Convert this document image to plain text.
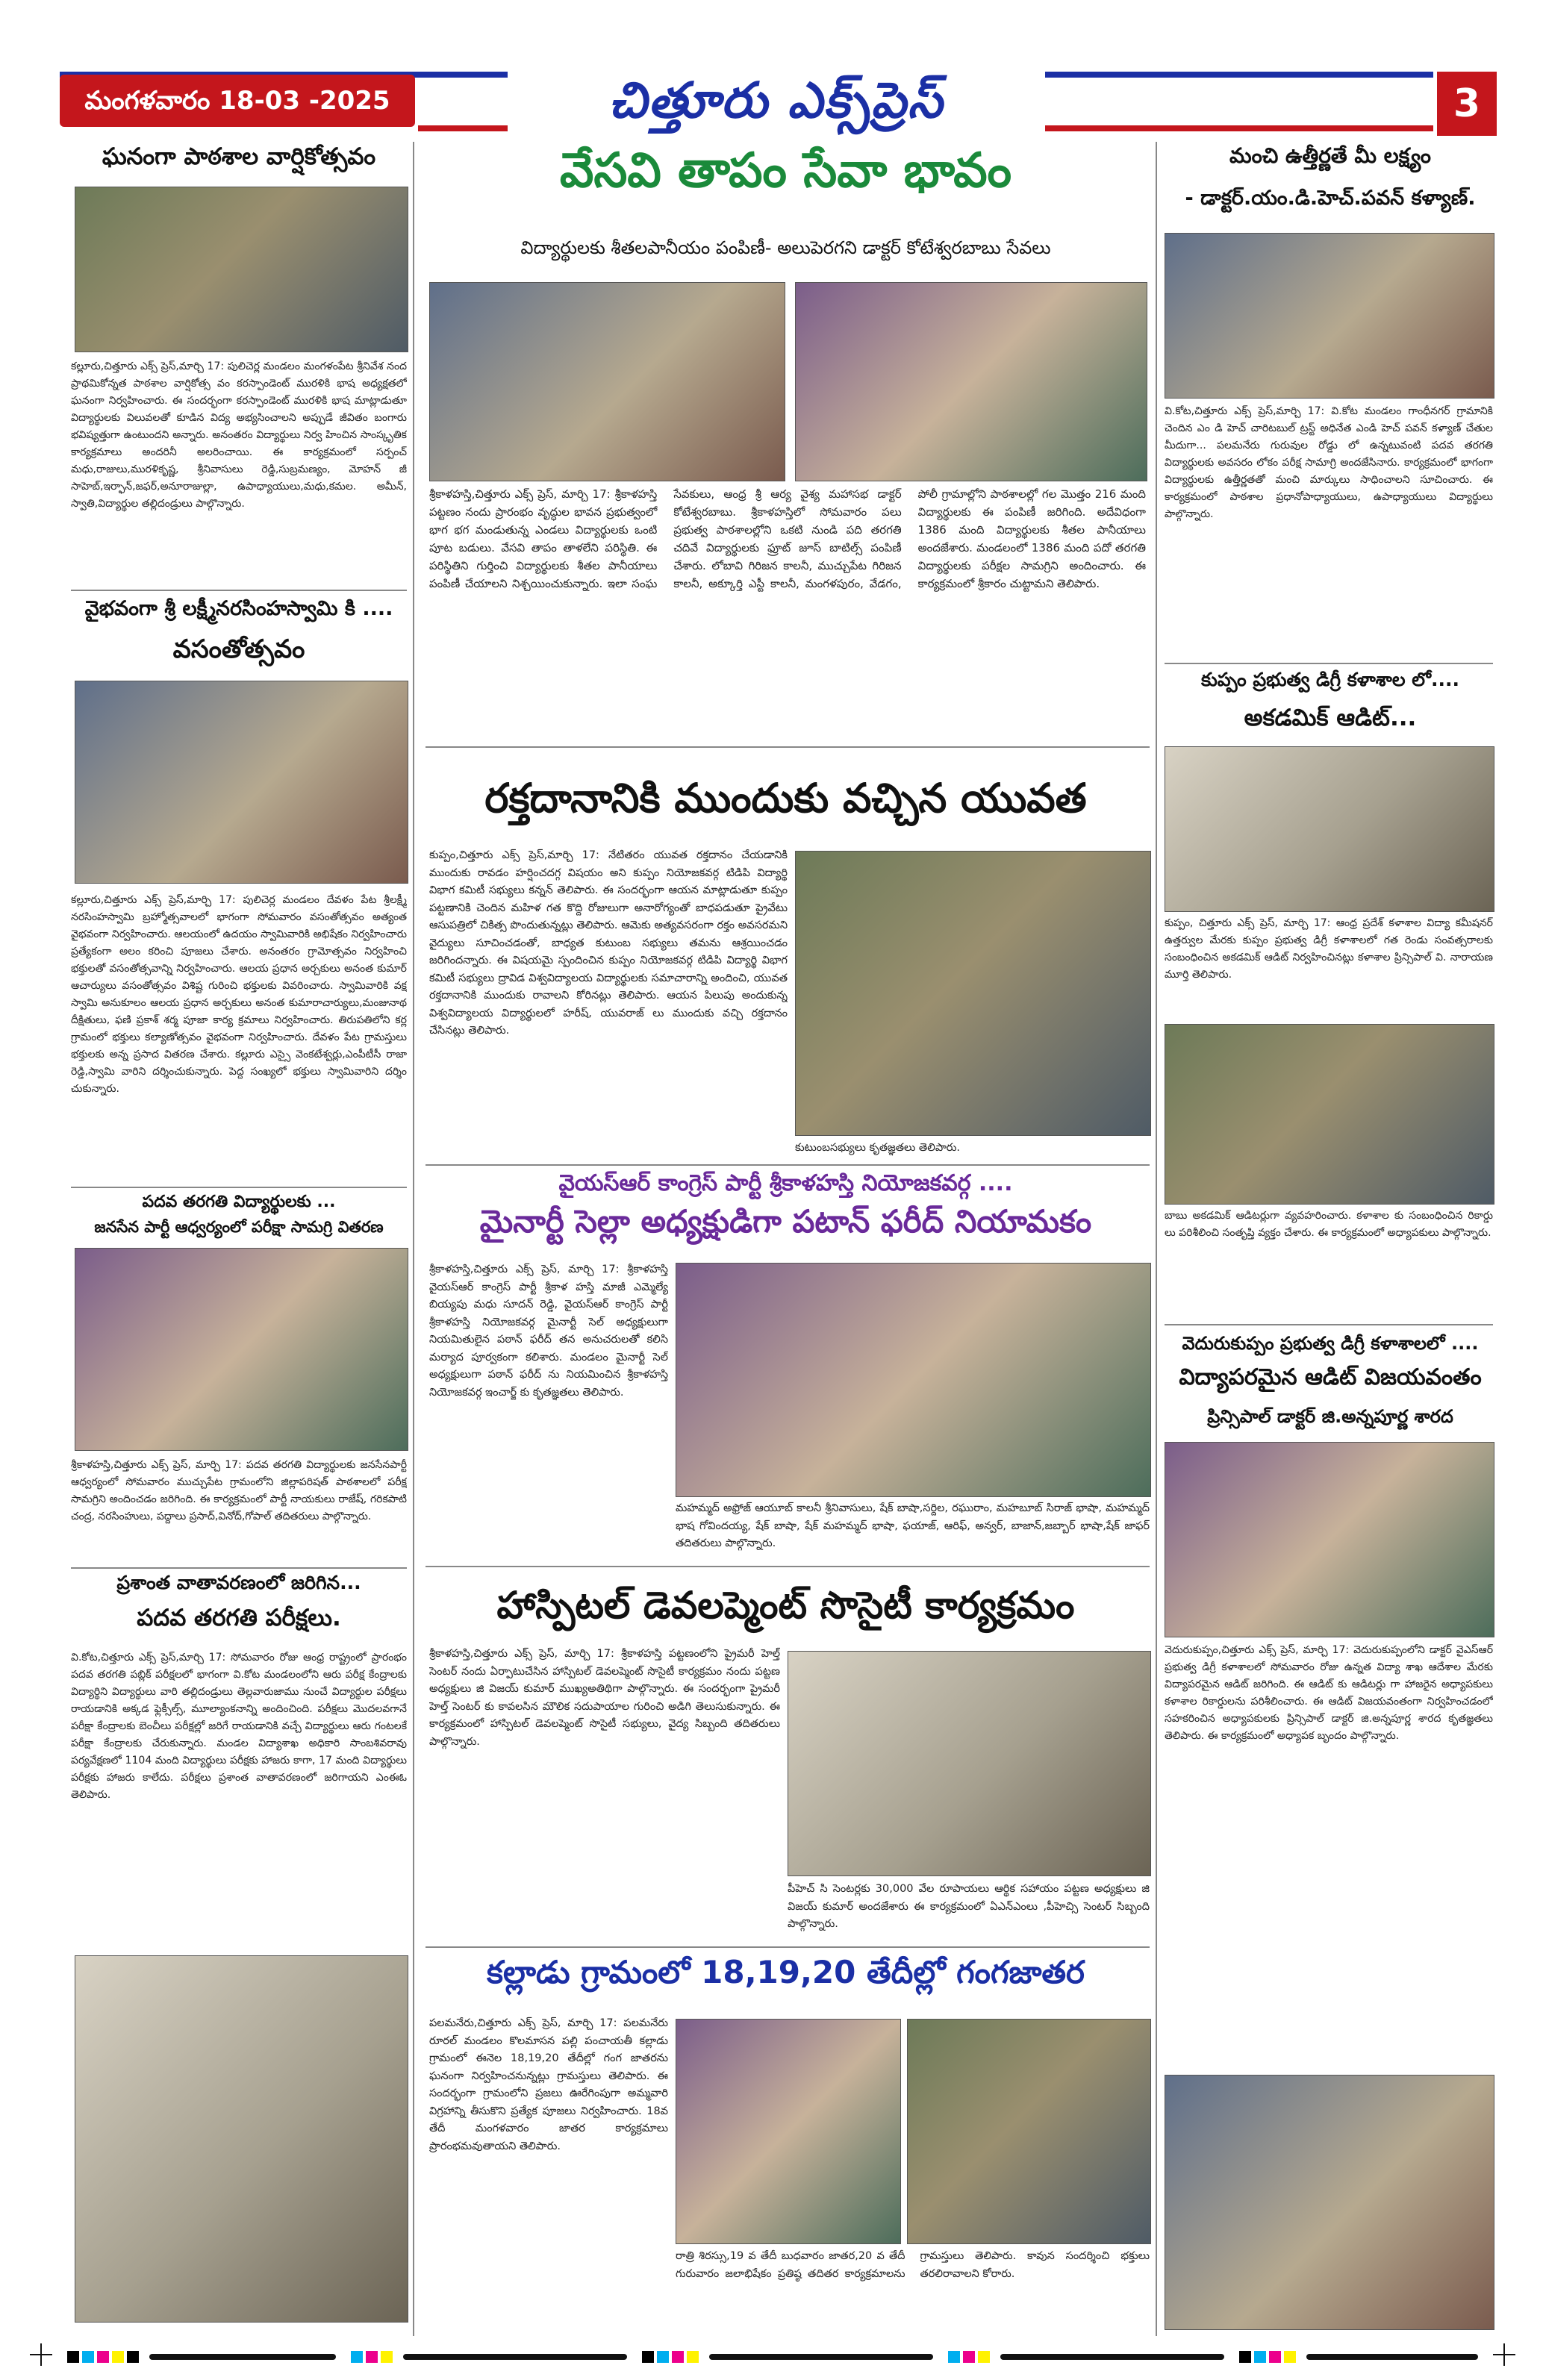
మంగళవారం 18-03 -2025	చిత్తూరు ఎక్స్‌ప్రెస్	3
ఘనంగా పాఠశాల వార్షికోత్సవం
కల్లూరు,చిత్తూరు ఎక్స్ ప్రెస్,మార్చి 17: పులిచెర్ల మండలం మంగళంపేట శ్రీనివేశ నంద ప్రాథమికోన్నత పాఠశాల వార్షికోత్స వం కరస్పాండెంట్ మురళికి భాష అధ్యక్షతలో ఘనంగా నిర్వహించారు. ఈ సందర్భంగా కరస్పాండెంట్ మురళికి భాష మాట్లాడుతూ విద్యార్థులకు విలువలతో కూడిన విద్య అభ్యసించాలని అప్పుడే జీవితం బంగారు భవిష్యత్తుగా ఉంటుందని అన్నారు. అనంతరం విద్యార్థులు నిర్వ హించిన సాంస్కృతిక కార్యక్రమాలు అందరినీ అలరించాయి. ఈ కార్యక్రమంలో సర్పంచ్ మధు,రాజులు,మురళికృష్ణ, శ్రీనివాసులు రెడ్డి,సుబ్రమణ్యం, మోహన్ జీ సాహెబ్,ఇర్ఫాన్,జఫర్,అనూరాజుల్లా, ఉపాధ్యాయులు,మధు,కమల. అమీన్, స్వాతి,విద్యార్థుల తల్లిదండ్రులు పాల్గొన్నారు.
వైభవంగా శ్రీ లక్ష్మీనరసింహస్వామి కి ....
వసంతోత్సవం
కల్లూరు,చిత్తూరు ఎక్స్ ప్రెస్,మార్చి 17: పులిచెర్ల మండలం దేవళం పేట శ్రీలక్ష్మీ నరసింహస్వామి బ్రహ్మోత్సవాలలో భాగంగా సోమవారం వసంతోత్సవం అత్యంత వైభవంగా నిర్వహించారు. ఆలయంలో ఉదయం స్వామివారికి అభిషేకం నిర్వహించారు ప్రత్యేకంగా అలం కరించి పూజలు చేశారు. అనంతరం గ్రామోత్సవం నిర్వహించి భక్తులతో వసంతోత్సవాన్ని నిర్వహించారు. ఆలయ ప్రధాన అర్చకులు అనంత కుమార్ ఆచార్యులు వసంతోత్సవం విశిష్ట గురించి భక్తులకు వివరించారు. స్వామివారికి వక్ష స్వామి అనుకూలం ఆలయ ప్రధాన అర్చకులు అనంత కుమారాచార్యులు,మంజునాథ దీక్షితులు, ఫణి ప్రకాశ్ శర్మ పూజా కార్య క్రమాలు నిర్వహించారు. తిరుపతిలోని కర్ల గ్రామంలో భక్తులు కల్యాణోత్సవం వైభవంగా నిర్వహించారు. దేవళం పేట గ్రామస్తులు భక్తులకు అన్న ప్రసాద వితరణ చేశారు. కల్లూరు ఎస్సై వెంకటేశ్వర్లు,ఎంపీటీసీ రాజా రెడ్డి,స్వామి వారిని దర్శించుకున్నారు. పెద్ద సంఖ్యలో భక్తులు స్వామివారిని దర్శిం చుకున్నారు.
పదవ తరగతి విద్యార్థులకు ...
జనసేన పార్టీ ఆధ్వర్యంలో పరీక్షా సామగ్రి వితరణ
శ్రీకాళహస్తి,చిత్తూరు ఎక్స్ ప్రెస్, మార్చి 17: పదవ తరగతి విద్యార్థులకు జనసేనపార్టీ ఆధ్వర్యంలో సోమవారం ముచ్చుపేట గ్రామంలోని జిల్లాపరిషత్ పాఠశాలలో పరీక్ష సామగ్రిని అందించడం జరిగింది. ఈ కార్యక్రమంలో పార్టీ నాయకులు రాజేష్, గరికపాటి చంద్ర, నరసింహులు, పద్దాలు ప్రసాద్,వినోద్,గోపాల్ తదితరులు పాల్గొన్నారు.
ప్రశాంత వాతావరణంలో జరిగిన...
పదవ తరగతి పరీక్షలు.
వి.కోట,చిత్తూరు ఎక్స్ ప్రెస్,మార్చి 17: సోమవారం రోజు ఆంధ్ర రాష్ట్రంలో ప్రారంభం పదవ తరగతి పబ్లిక్ పరీక్షలలో భాగంగా వి.కోట మండలంలోని ఆరు పరీక్ష కేంద్రాలకు విద్యార్థిని విద్యార్థులు వారి తల్లిదండ్రులు తెల్లవారుజాము నుంచే విద్యార్థుల పరీక్షలు రాయడానికి అక్కడ ఫ్లెక్సీల్స్, మూల్యాంకనాన్ని అందించింది. పరీక్షలు మొదలవగానే పరీక్షా కేంద్రాలకు బెంచీలు పరీక్షల్లో జరిగే రాయడానికి వచ్చే విద్యార్థులు ఆరు గంటలకే పరీక్షా కేంద్రాలకు చేరుకున్నారు. మండల విద్యాశాఖ అధికారి సాంబశివరావు పర్యవేక్షణలో 1104 మంది విద్యార్థులు పరీక్షకు హాజరు కాగా, 17 మంది విద్యార్థులు పరీక్షకు హాజరు కాలేదు. పరీక్షలు ప్రశాంత వాతావరణంలో జరిగాయని ఎంఈఓ తెలిపారు.
వేసవి తాపం సేవా భావం
విద్యార్థులకు శీతలపానీయం పంపిణీ- అలుపెరగని డాక్టర్ కోటేశ్వరబాబు సేవలు
శ్రీకాళహస్తి,చిత్తూరు ఎక్స్ ప్రెస్, మార్చి 17: శ్రీకాళహస్తి పట్టణం నందు ప్రారంభం వృద్ధుల భావన ప్రభుత్వంలో భాగ భగ మండుతున్న ఎండలు విద్యార్థులకు ఒంటి పూట బడులు. వేసవి తాపం తాళలేని పరిస్థితి. ఈ పరిస్థితిని గుర్తించి విద్యార్థులకు శీతల పానీయాలు పంపిణీ చేయాలని నిశ్చయించుకున్నారు. ఇలా సంఘ సేవకులు, ఆంధ్ర శ్రీ ఆర్య వైశ్య మహాసభ డాక్టర్ కోటేశ్వరబాబు. శ్రీకాళహస్తిలో సోమవారం పలు ప్రభుత్వ పాఠశాలల్లోని ఒకటి నుండి పది తరగతి చదివే విద్యార్థులకు ఫ్రూట్ జూస్ బాటిల్స్ పంపిణీ చేశారు. లోబావి గిరిజన కాలనీ, ముచ్చుపేట గిరిజన కాలనీ, అక్కూర్తి ఎస్టీ కాలనీ, మంగళపురం, వేడగం, పోలీ గ్రామాల్లోని పాఠశాలల్లో గల మొత్తం 216 మంది విద్యార్థులకు ఈ పంపిణీ జరిగింది. అదేవిధంగా 1386 మంది విద్యార్థులకు శీతల పానీయాలు అందజేశారు. మండలంలో 1386 మంది పదో తరగతి విద్యార్థులకు పరీక్షల సామగ్రిని అందించారు. ఈ కార్యక్రమంలో శ్రీకారం చుట్టామని తెలిపారు.
రక్తదానానికి ముందుకు వచ్చిన యువత
కుప్పం,చిత్తూరు ఎక్స్ ప్రెస్,మార్చి 17: నేటితరం యువత రక్తదానం చేయడానికి ముందుకు రావడం హర్షించదగ్గ విషయం అని కుప్పం నియోజకవర్గ టిడిపి విద్యార్థి విభాగ కమిటీ సభ్యులు కన్నన్ తెలిపారు. ఈ సందర్భంగా ఆయన మాట్లాడుతూ కుప్పం పట్టణానికి చెందిన మహిళ గత కొద్ది రోజులుగా అనారోగ్యంతో బాధపడుతూ ప్రైవేటు ఆసుపత్రిలో చికిత్స పొందుతున్నట్లు తెలిపారు. ఆమెకు అత్యవసరంగా రక్తం అవసరమని వైద్యులు సూచించడంతో, బాధ్యత కుటుంబ సభ్యులు తమను ఆశ్రయించడం జరిగిందన్నారు. ఈ విషయమై స్పందించిన కుప్పం నియోజకవర్గ టిడిపి విద్యార్థి విభాగ కమిటీ సభ్యులు ద్రావిడ విశ్వవిద్యాలయ విద్యార్థులకు సమాచారాన్ని అందించి, యువత రక్తదానానికి ముందుకు రావాలని కోరినట్లు తెలిపారు. ఆయన పిలుపు అందుకున్న విశ్వవిద్యాలయ విద్యార్థులలో హరీష్, యువరాజ్ లు ముందుకు వచ్చి రక్తదానం చేసినట్లు తెలిపారు.
కుటుంబసభ్యులు కృతజ్ఞతలు తెలిపారు.
వైయస్ఆర్ కాంగ్రెస్ పార్టీ శ్రీకాళహస్తి నియోజకవర్గ ....
మైనార్టీ సెల్లా అధ్యక్షుడిగా పటాన్ ఫరీద్ నియామకం
శ్రీకాళహస్తి,చిత్తూరు ఎక్స్ ప్రెస్, మార్చి 17: శ్రీకాళహస్తి వైయస్ఆర్ కాంగ్రెస్ పార్టీ శ్రీకాళ హస్తి మాజీ ఎమ్మెల్యే బియ్యపు మధు సూదన్ రెడ్డి, వైయస్ఆర్ కాంగ్రెస్ పార్టీ శ్రీకాళహస్తి నియోజకవర్గ మైనార్టీ సెల్ అధ్యక్షులుగా నియమితులైన పఠాన్ ఫరీద్ తన అనుచరులతో కలిసి మర్యాద పూర్వకంగా కలిశారు. మండలం మైనార్టీ సెల్ అధ్యక్షులుగా పఠాన్ ఫరీద్ ను నియమించిన శ్రీకాళహస్తి నియోజకవర్గ ఇంచార్జ్ కు కృతజ్ఞతలు తెలిపారు.
మహమ్మద్ అఫ్రోజ్ ఆయూబ్ కాలనీ శ్రీనివాసులు, షేక్ బాషా,సర్దిల, రఘురాం, మహబూబ్ సిరాజ్ భాషా, మహమ్మద్ భాష గోవిందయ్య, షేక్ బాషా, షేక్ మహమ్మద్ భాషా, ఫయాజ్, ఆరిఫ్, అన్వర్, బాజాన్,జబ్బార్ భాషా,షేక్ జాఫర్ తదితరులు పాల్గొన్నారు.
హాస్పిటల్ డెవలప్మెంట్ సొసైటీ కార్యక్రమం
శ్రీకాళహస్తి,చిత్తూరు ఎక్స్ ప్రెస్, మార్చి 17: శ్రీకాళహస్తి పట్టణంలోని ప్రైమరీ హెల్త్ సెంటర్ నందు ఏర్పాటుచేసిన హాస్పిటల్ డెవలప్మెంట్ సొసైటీ కార్యక్రమం నందు పట్టణ అధ్యక్షులు జి విజయ్ కుమార్ ముఖ్యఅతిథిగా పాల్గొన్నారు. ఈ సందర్భంగా ప్రైమరీ హెల్త్ సెంటర్ కు కావలసిన మౌలిక సదుపాయాల గురించి అడిగి తెలుసుకున్నారు. ఈ కార్యక్రమంలో హాస్పిటల్ డెవలప్మెంట్ సొసైటీ సభ్యులు, వైద్య సిబ్బంది తదితరులు పాల్గొన్నారు.
పీహెచ్ సి సెంటర్లకు 30,000 వేల రూపాయలు ఆర్థిక సహాయం పట్టణ అధ్యక్షులు జి విజయ్ కుమార్ అందజేశారు ఈ కార్యక్రమంలో ఏఎన్ఎంలు ,పీహెచ్సి సెంటర్ సిబ్బంది పాల్గొన్నారు.
కల్లాడు గ్రామంలో 18,19,20 తేదీల్లో గంగజాతర
పలమనేరు,చిత్తూరు ఎక్స్ ప్రెస్, మార్చి 17: పలమనేరు రూరల్ మండలం కొలమాసన పల్లి పంచాయతీ కల్లాడు గ్రామంలో ఈనెల 18,19,20 తేదీల్లో గంగ జాతరను ఘనంగా నిర్వహించనున్నట్లు గ్రామస్తులు తెలిపారు. ఈ సందర్భంగా గ్రామంలోని ప్రజలు ఊరేగింపుగా అమ్మవారి విగ్రహాన్ని తీసుకొని ప్రత్యేక పూజలు నిర్వహించారు. 18వ తేదీ మంగళవారం జాతర కార్యక్రమాలు ప్రారంభమవుతాయని తెలిపారు.
రాత్రి శిరస్సు,19 వ తేదీ బుధవారం జాతర,20 వ తేదీ గురువారం జలాభిషేకం ప్రతిష్ఠ తదితర కార్యక్రమాలను గ్రామస్తులు తెలిపారు. కావున సందర్శించి భక్తులు తరలిరావాలని కోరారు.
మంచి ఉత్తీర్ణతే మీ లక్ష్యం
- డాక్టర్.యం.డి.హెచ్.పవన్ కళ్యాణ్.
వి.కోట,చిత్తూరు ఎక్స్ ప్రెస్,మార్చి 17: వి.కోట మండలం గాంధీనగర్ గ్రామానికి చెందిన ఎం డి హెచ్ చారిటబుల్ ట్రస్ట్ అధినేత ఎండి హెచ్ పవన్ కళ్యాణ్ చేతుల మీదుగా... పలమనేరు గురువుల రోడ్డు లో ఉన్నటువంటి పదవ తరగతి విద్యార్థులకు అవసరం లోకం పరీక్ష సామాగ్రి అందజేసినారు. కార్యక్రమంలో భాగంగా విద్యార్థులకు ఉత్తీర్ణతతో మంచి మార్కులు సాధించాలని సూచించారు. ఈ కార్యక్రమంలో పాఠశాల ప్రధానోపాధ్యాయులు, ఉపాధ్యాయులు విద్యార్థులు పాల్గొన్నారు.
కుప్పం ప్రభుత్వ డిగ్రీ కళాశాల లో....
అకడమిక్ ఆడిట్...
కుప్పం, చిత్తూరు ఎక్స్ ప్రెస్, మార్చి 17: ఆంధ్ర ప్రదేశ్ కళాశాల విద్యా కమీషనర్ ఉత్తర్వుల మేరకు కుప్పం ప్రభుత్వ డిగ్రీ కళాశాలలో గత రెండు సంవత్సరాలకు సంబంధించిన అకడమిక్ ఆడిట్ నిర్వహించినట్లు కళాశాల ప్రిన్సిపాల్ వి. నారాయణ మూర్తి తెలిపారు.
బాబు అకడమిక్ ఆడిటర్లుగా వ్యవహరించారు. కళాశాల కు సంబంధించిన రికార్డు లు పరిశీలించి సంతృప్తి వ్యక్తం చేశారు. ఈ కార్యక్రమంలో అధ్యాపకులు పాల్గొన్నారు.
వెదురుకుప్పం ప్రభుత్వ డిగ్రీ కళాశాలలో ....
విద్యాపరమైన ఆడిట్ విజయవంతం
ప్రిన్సిపాల్ డాక్టర్ జి.అన్నపూర్ణ శారద
వెదురుకుప్పం,చిత్తూరు ఎక్స్ ప్రెస్, మార్చి 17: వెదురుకుప్పంలోని డాక్టర్ వైఎస్ఆర్ ప్రభుత్వ డిగ్రీ కళాశాలలో సోమవారం రోజు ఉన్నత విద్యా శాఖ ఆదేశాల మేరకు విద్యాపరమైన ఆడిట్ జరిగింది. ఈ ఆడిట్ కు ఆడిటర్లు గా హాజరైన అధ్యాపకులు కళాశాల రికార్డులను పరిశీలించారు. ఈ ఆడిట్ విజయవంతంగా నిర్వహించడంలో సహకరించిన అధ్యాపకులకు ప్రిన్సిపాల్ డాక్టర్ జి.అన్నపూర్ణ శారద కృతజ్ఞతలు తెలిపారు. ఈ కార్యక్రమంలో అధ్యాపక బృందం పాల్గొన్నారు.
